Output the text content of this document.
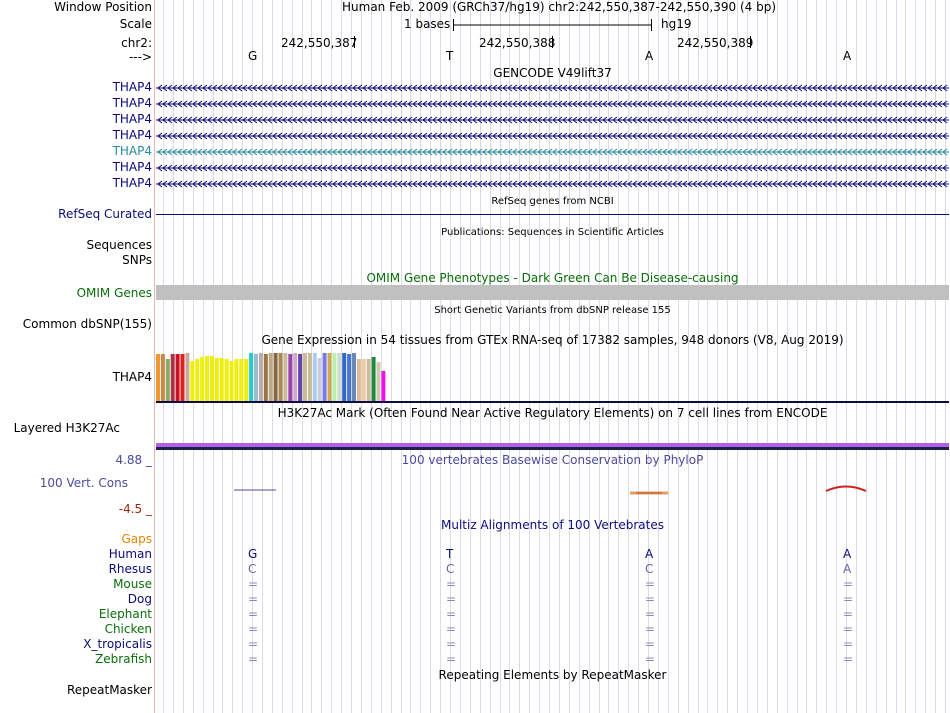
Window Position	Human Feb. 2009 (GRCh37/hg19) chr2:242,550,387-242,550,390 (4 bp)
Scale	1 bases	hg19
chr2:	242,550,387	242,550,388	242,550,389
--->	G	T	A	A
GENCODE V49lift37
THAP4
THAP4
THAP4
THAP4
THAP4
THAP4
THAP4
RefSeq genes from NCBI
RefSeq Curated
Publications: Sequences in Scientific Articles
Sequences
SNPs
OMIM Gene Phenotypes - Dark Green Can Be Disease-causing
OMIM Genes
Short Genetic Variants from dbSNP release 155
Common dbSNP(155)
Gene Expression in 54 tissues from GTEx RNA-seq of 17382 samples, 948 donors (V8, Aug 2019)
THAP4
H3K27Ac Mark (Often Found Near Active Regulatory Elements) on 7 cell lines from ENCODE
Layered H3K27Ac
4.88 _	100 vertebrates Basewise Conservation by PhyloP
100 Vert. Cons
-4.5 _
Multiz Alignments of 100 Vertebrates
Gaps
Human	G	T	A	A
Rhesus	C	C	C	A
Mouse	=	=	=	=
Dog	=	=	=	=
Elephant	=	=	=	=
Chicken	=	=	=	=
X_tropicalis	=	=	=	=
Zebrafish	=	=	=	=
Repeating Elements by RepeatMasker
RepeatMasker
